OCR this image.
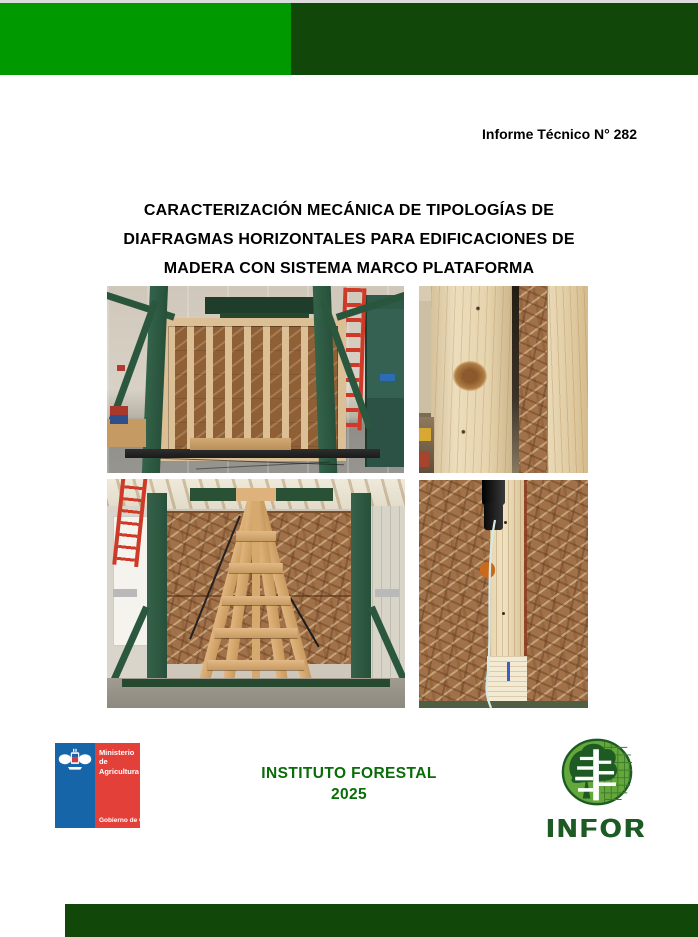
Informe Técnico N° 282
CARACTERIZACIÓN MECÁNICA DE TIPOLOGÍAS DE
DIAFRAGMAS HORIZONTALES PARA EDIFICACIONES DE
MADERA CON SISTEMA MARCO PLATAFORMA
Ministerio de Agricultura
Gobierno de Chile
INSTITUTO FORESTAL
2025
INFOR
